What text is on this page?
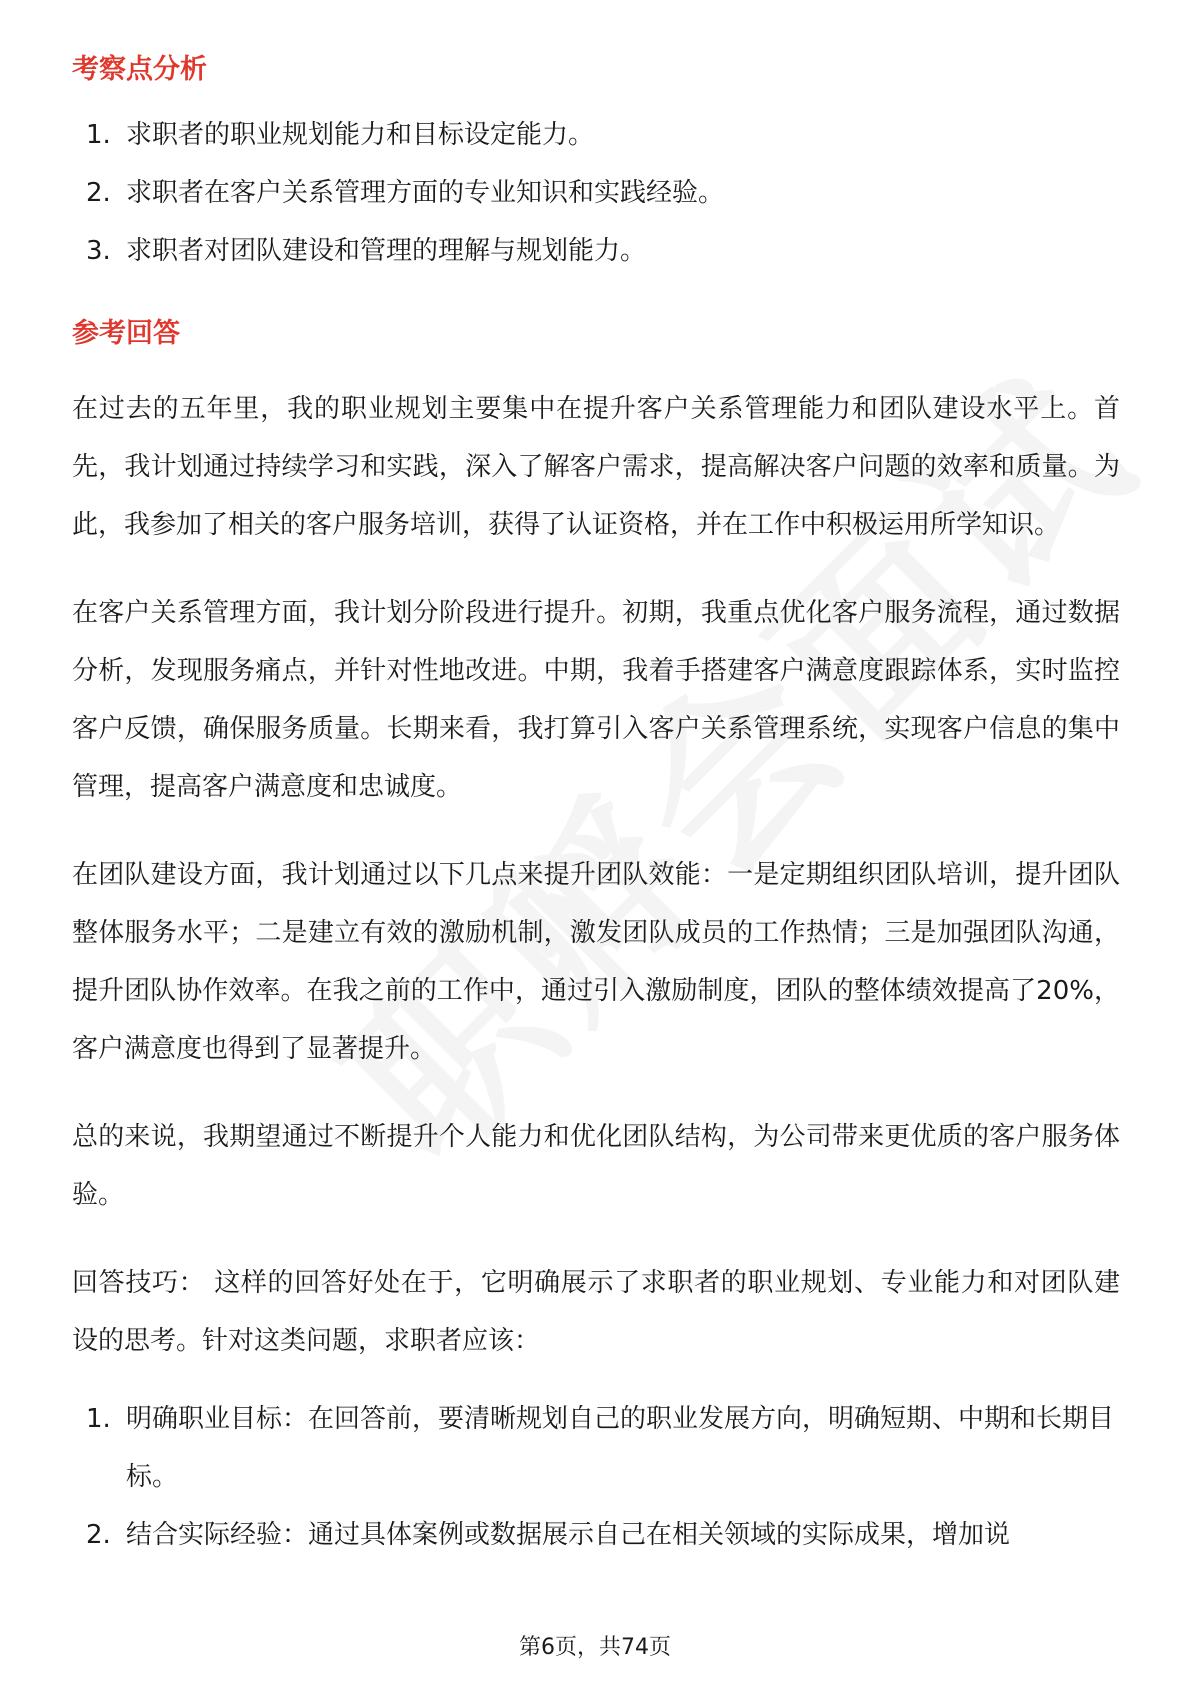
考察点分析
1. 求职者的职业规划能力和目标设定能力。
2. 求职者在客户关系管理方面的专业知识和实践经验。
3. 求职者对团队建设和管理的理解与规划能力。
参考回答

在过去的五年里，我的职业规划主要集中在提升客户关系管理能力和团队建设水平上。首先，我计划通过持续学习和实践，深入了解客户需求，提高解决客户问题的效率和质量。为此，我参加了相关的客户服务培训，获得了认证资格，并在工作中积极运用所学知识。

在客户关系管理方面，我计划分阶段进行提升。初期，我重点优化客户服务流程，通过数据分析，发现服务痛点，并针对性地改进。中期，我着手搭建客户满意度跟踪体系，实时监控客户反馈，确保服务质量。长期来看，我打算引入客户关系管理系统，实现客户信息的集中管理，提高客户满意度和忠诚度。

在团队建设方面，我计划通过以下几点来提升团队效能：一是定期组织团队培训，提升团队整体服务水平；二是建立有效的激励机制，激发团队成员的工作热情；三是加强团队沟通，提升团队协作效率。在我之前的工作中，通过引入激励制度，团队的整体绩效提高了20%，客户满意度也得到了显著提升。

总的来说，我期望通过不断提升个人能力和优化团队结构，为公司带来更优质的客户服务体验。

回答技巧： 这样的回答好处在于，它明确展示了求职者的职业规划、专业能力和对团队建设的思考。针对这类问题，求职者应该：

1. 明确职业目标：在回答前，要清晰规划自己的职业发展方向，明确短期、中期和长期目标。
2. 结合实际经验：通过具体案例或数据展示自己在相关领域的实际成果，增加说
第6页，共74页
